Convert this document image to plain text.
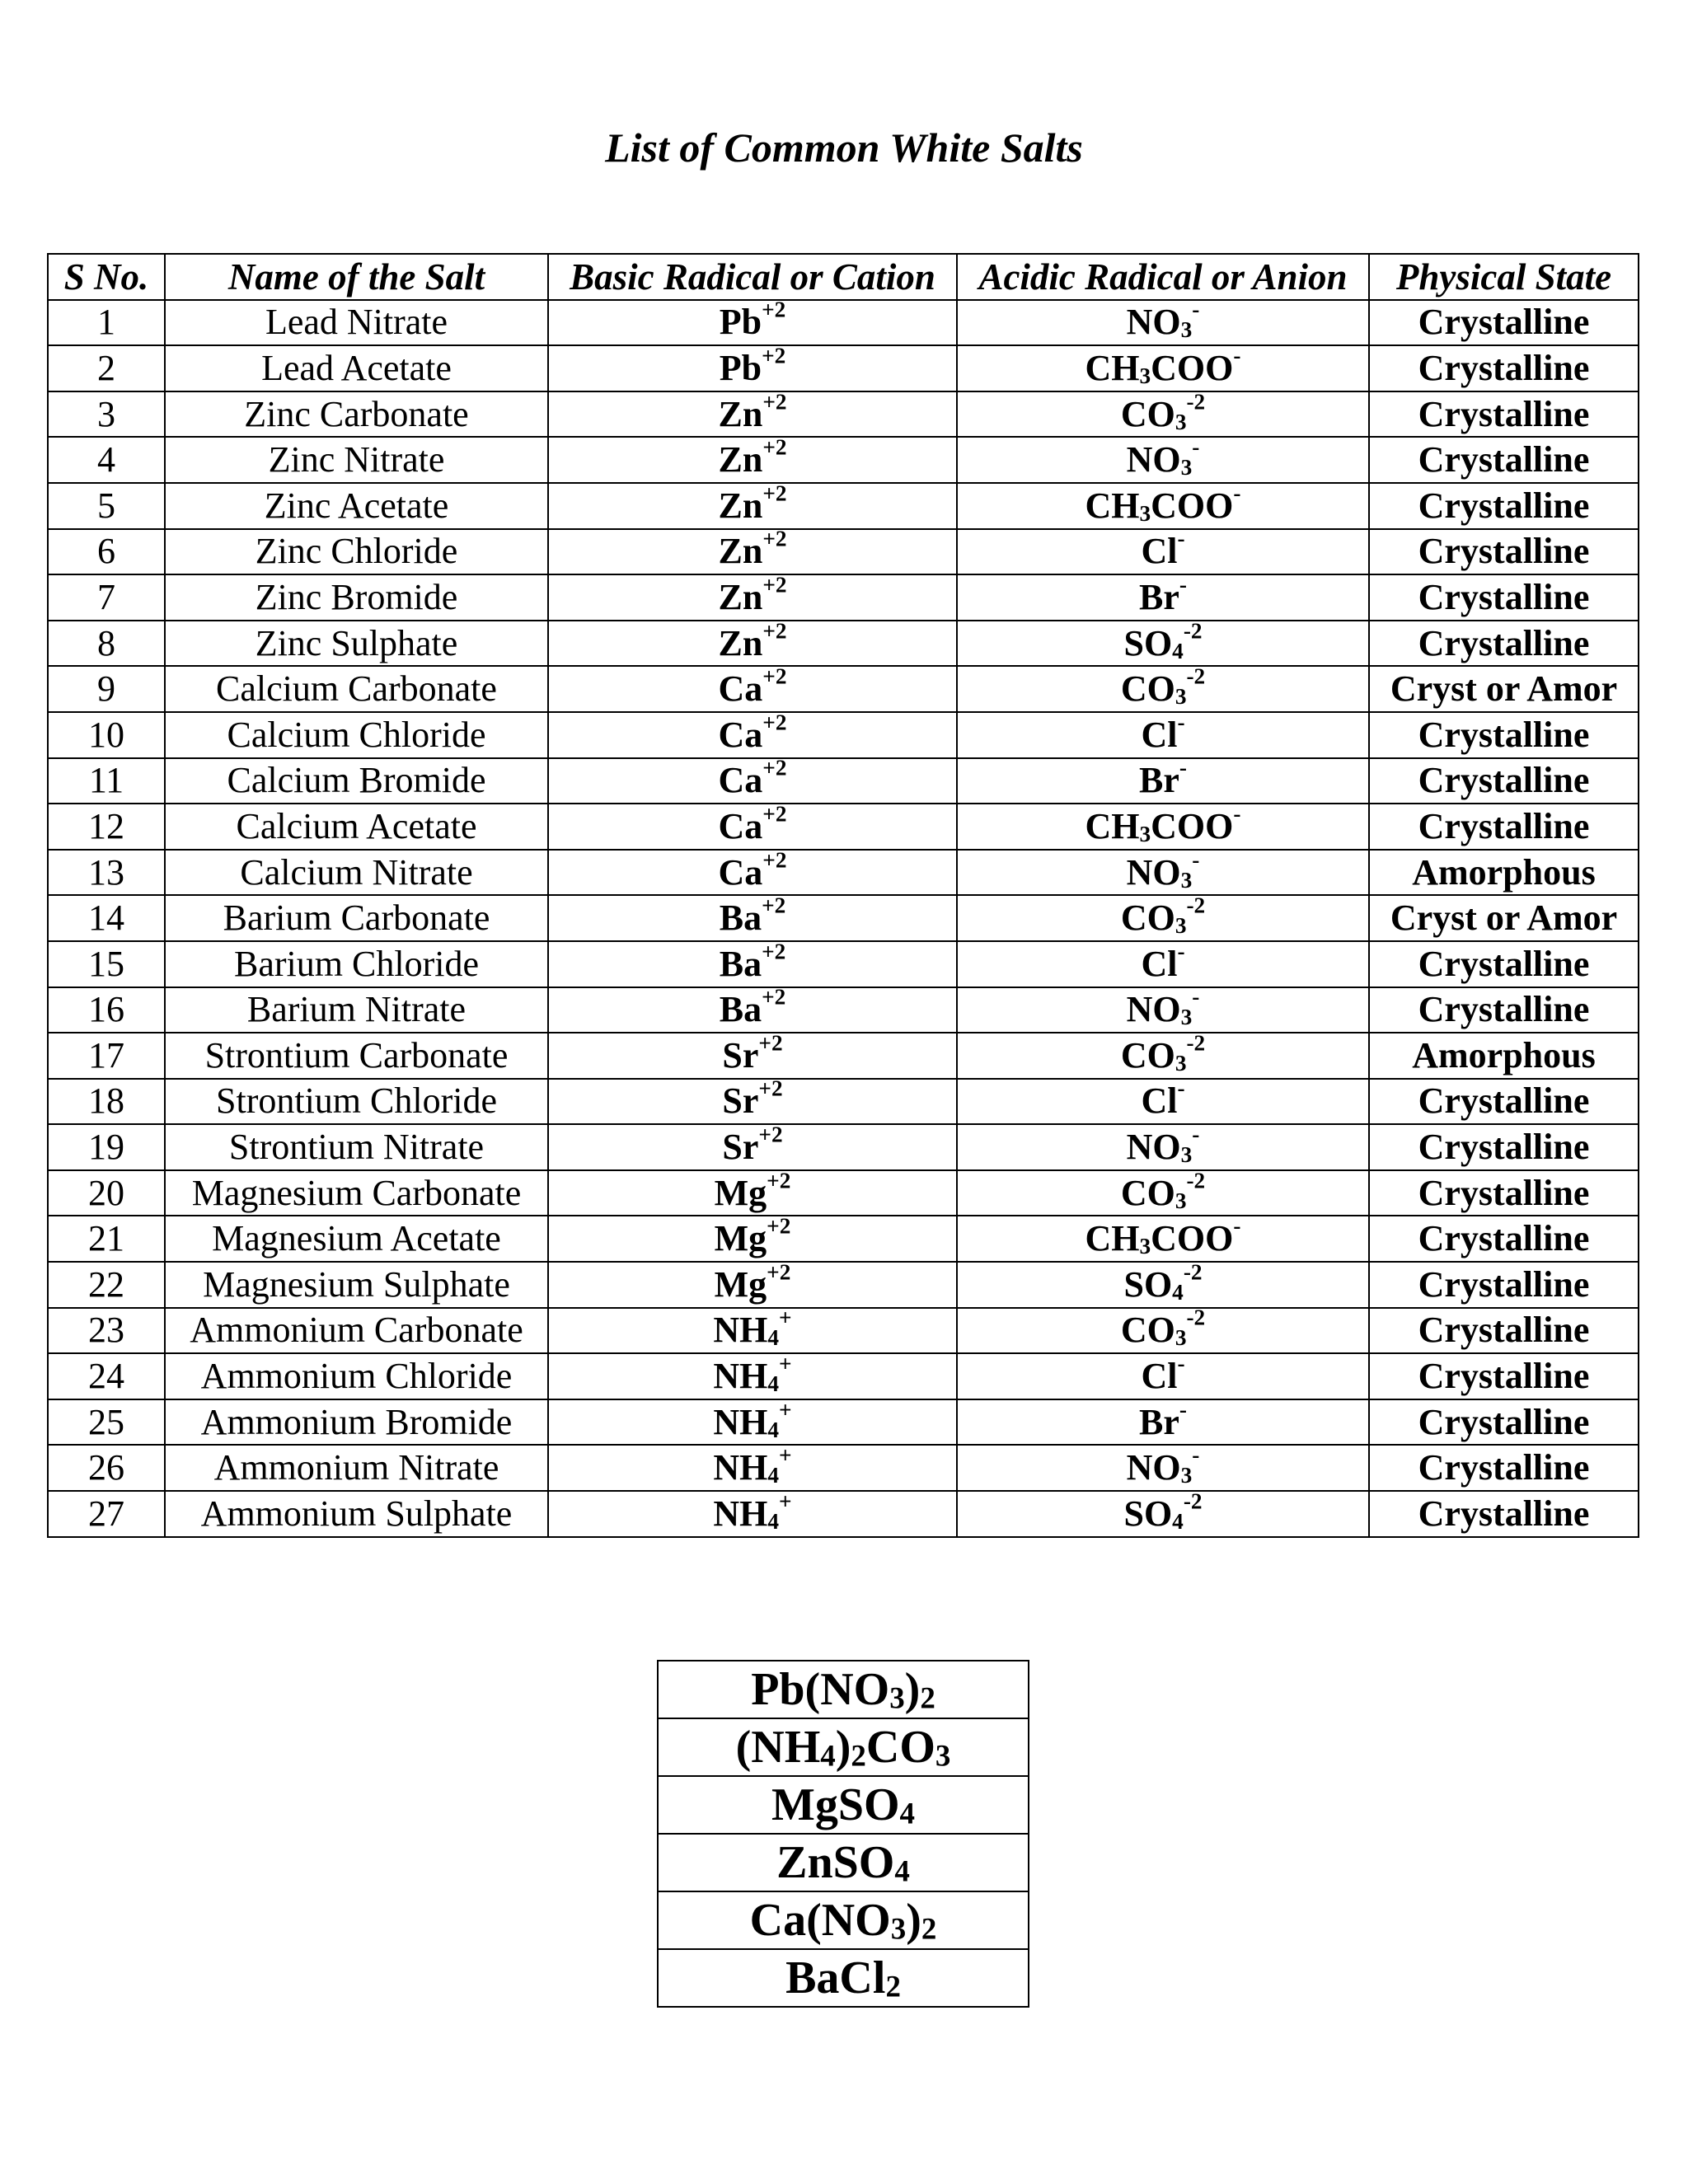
List of Common White Salts
S No.	Name of the Salt	Basic Radical or Cation	Acidic Radical or Anion	Physical State
1	Lead Nitrate	$Pb^{+2}$	$NO_3^-$	Crystalline
2	Lead Acetate	$Pb^{+2}$	$CH_3COO^-$	Crystalline
3	Zinc Carbonate	$Zn^{+2}$	$CO_3^{-2}$	Crystalline
4	Zinc Nitrate	$Zn^{+2}$	$NO_3^-$	Crystalline
5	Zinc Acetate	$Zn^{+2}$	$CH_3COO^-$	Crystalline
6	Zinc Chloride	$Zn^{+2}$	Cl-	Crystalline
7	Zinc Bromide	$Zn^{+2}$	Br-	Crystalline
8	Zinc Sulphate	$Zn^{+2}$	$SO_4^{-2}$	Crystalline
9	Calcium Carbonate	$Ca^{+2}$	$CO_3^{-2}$	Cryst or Amor
10	Calcium Chloride	$Ca^{+2}$	Cl-	Crystalline
11	Calcium Bromide	$Ca^{+2}$	Br-	Crystalline
12	Calcium Acetate	$Ca^{+2}$	$CH_3COO^-$	Crystalline
13	Calcium Nitrate	$Ca^{+2}$	$NO_3^-$	Amorphous
14	Barium Carbonate	$Ba^{+2}$	$CO_3^{-2}$	Cryst or Amor
15	Barium Chloride	$Ba^{+2}$	Cl-	Crystalline
16	Barium Nitrate	$Ba^{+2}$	$NO_3^-$	Crystalline
17	Strontium Carbonate	$Sr^{+2}$	$CO_3^{-2}$	Amorphous
18	Strontium Chloride	$Sr^{+2}$	Cl-	Crystalline
19	Strontium Nitrate	$Sr^{+2}$	$NO_3^-$	Crystalline
20	Magnesium Carbonate	$Mg^{+2}$	$CO_3^{-2}$	Crystalline
21	Magnesium Acetate	$Mg^{+2}$	$CH_3COO^-$	Crystalline
22	Magnesium Sulphate	$Mg^{+2}$	$SO_4^{-2}$	Crystalline
23	Ammonium Carbonate	$NH_4^+$	$CO_3^{-2}$	Crystalline
24	Ammonium Chloride	$NH_4^+$	Cl-	Crystalline
25	Ammonium Bromide	$NH_4^+$	Br-	Crystalline
26	Ammonium Nitrate	$NH_4^+$	$NO_3^-$	Crystalline
27	Ammonium Sulphate	$NH_4^+$	$SO_4^{-2}$	Crystalline
$Pb(NO_3)_2$
$(NH_4)_2CO_3$
MgSO$_4$
ZnSO$_4$
$Ca(NO_3)_2$
BaCl$_2$
